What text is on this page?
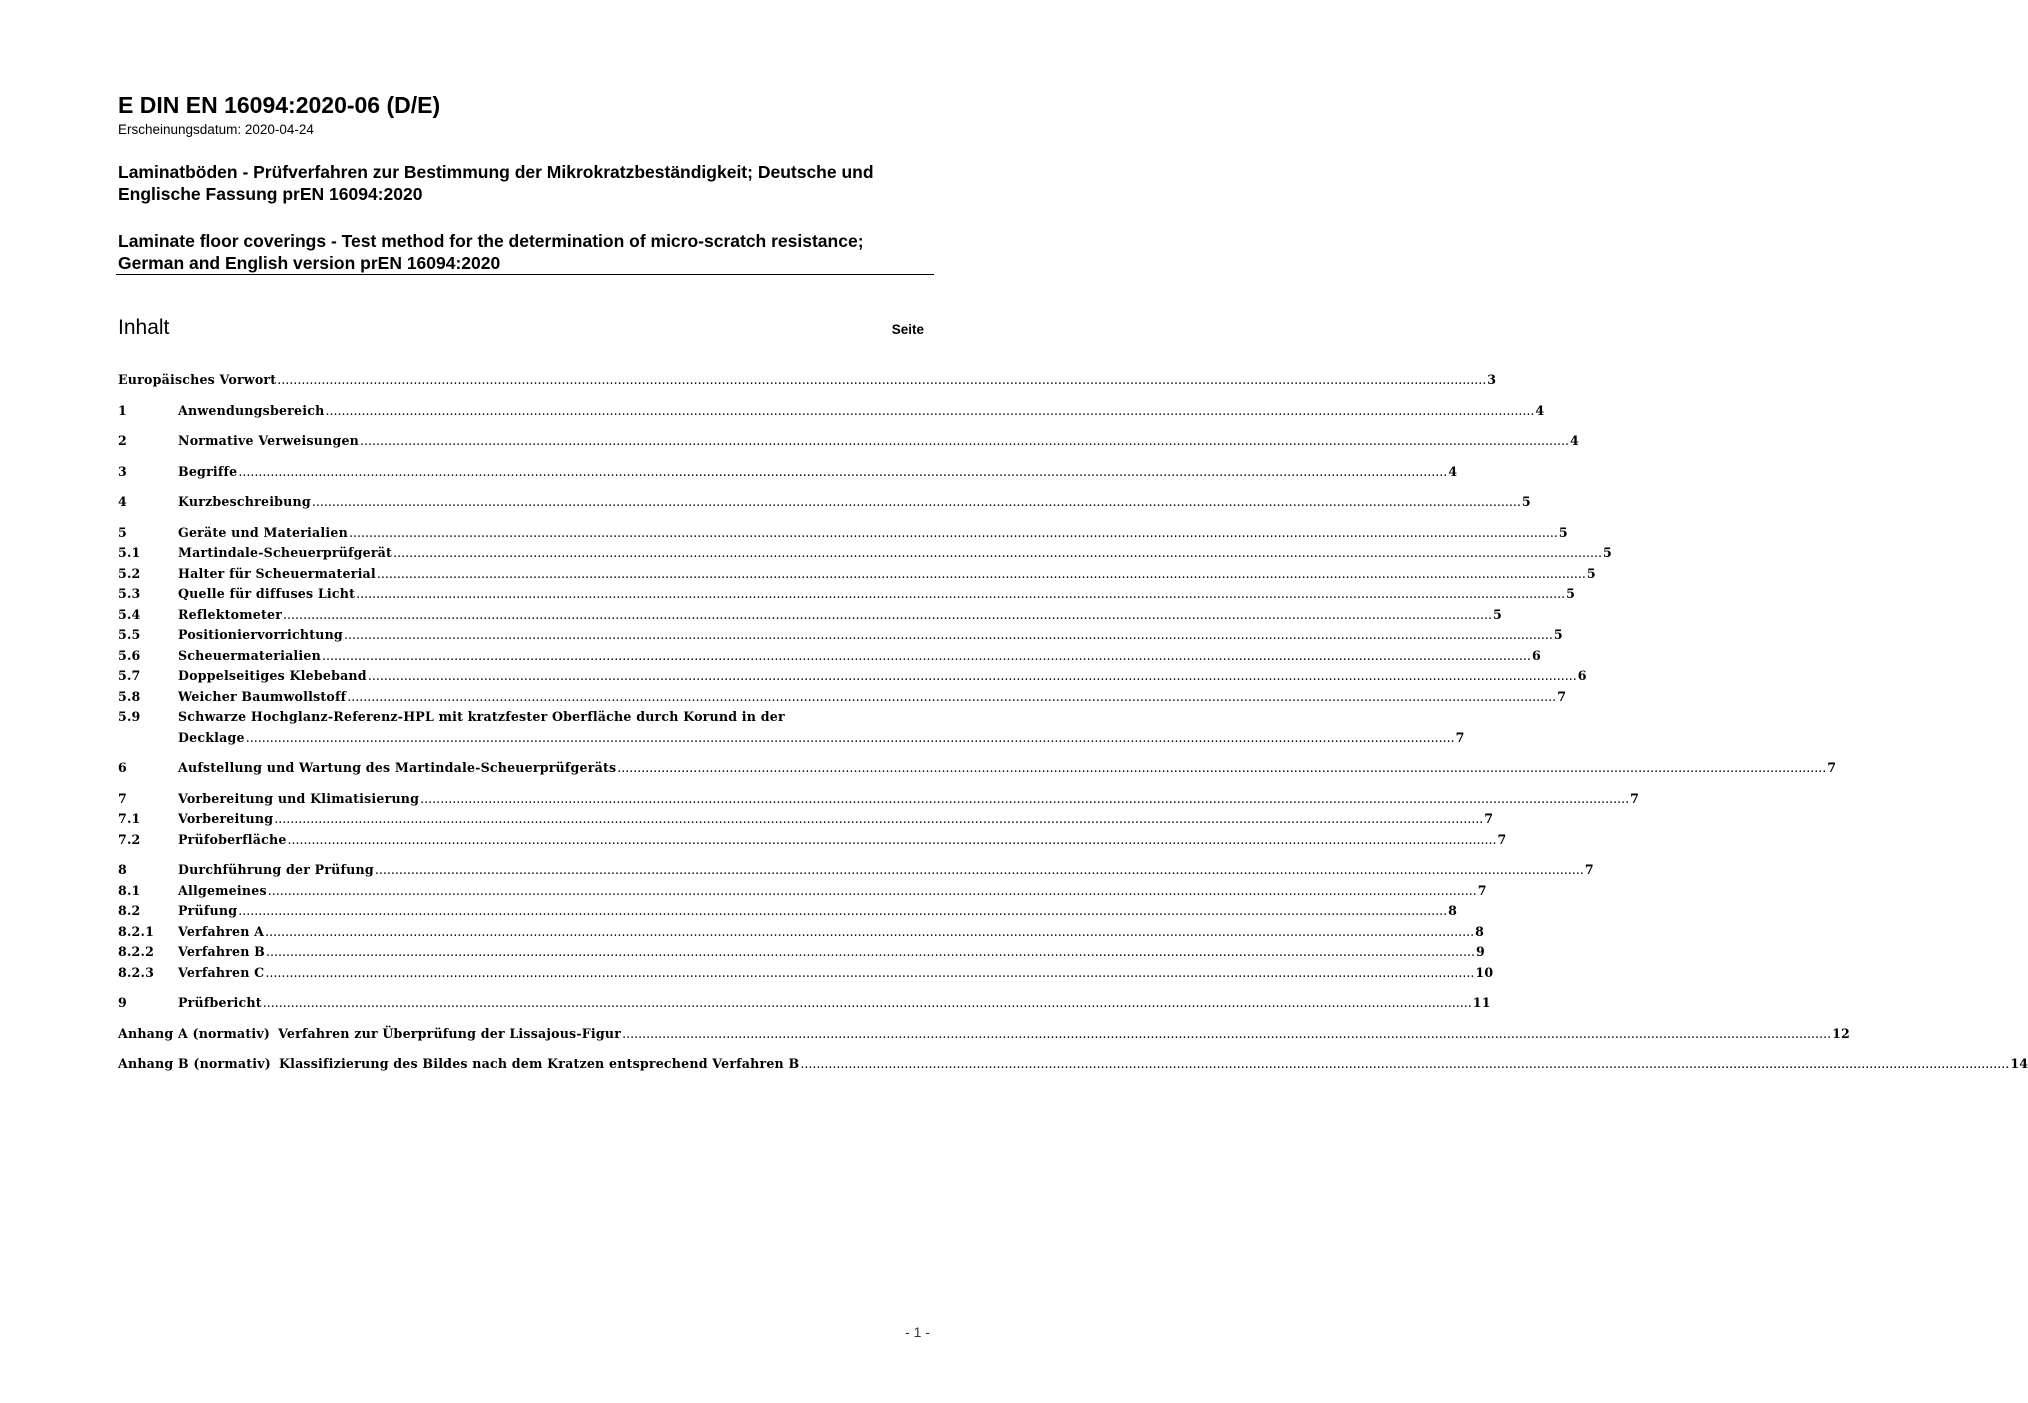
E DIN EN 16094:2020-06 (D/E)
Erscheinungsdatum: 2020-04-24

Laminatböden - Prüfverfahren zur Bestimmung der Mikrokratzbeständigkeit; Deutsche und Englische Fassung prEN 16094:2020

Laminate floor coverings - Test method for the determination of micro-scratch resistance; German and English version prEN 16094:2020

Inhalt	Seite
Europäisches Vorwort .....	3
1	Anwendungsbereich .....	4
2	Normative Verweisungen .....	4
3	Begriffe .....	4
4	Kurzbeschreibung .....	5
5	Geräte und Materialien .....	5
5.1	Martindale-Scheuerprüfgerät .....	5
5.2	Halter für Scheuermaterial .....	5
5.3	Quelle für diffuses Licht .....	5
5.4	Reflektometer .....	5
5.5	Positioniervorrichtung .....	5
5.6	Scheuermaterialien .....	6
5.7	Doppelseitiges Klebeband .....	6
5.8	Weicher Baumwollstoff .....	7
5.9	Schwarze Hochglanz-Referenz-HPL mit kratzfester Oberfläche durch Korund in der
Decklage .....	7
6	Aufstellung und Wartung des Martindale-Scheuerprüfgeräts .....	7
7	Vorbereitung und Klimatisierung .....	7
7.1	Vorbereitung .....	7
7.2	Prüfoberfläche .....	7
8	Durchführung der Prüfung .....	7
8.1	Allgemeines .....	7
8.2	Prüfung .....	8
8.2.1	Verfahren A .....	8
8.2.2	Verfahren B .....	9
8.2.3	Verfahren C .....	10
9	Prüfbericht .....	11
Anhang A (normativ) Verfahren zur Überprüfung der Lissajous-Figur .....	12
Anhang B (normativ) Klassifizierung des Bildes nach dem Kratzen entsprechend Verfahren B .....	14
- 1 -
